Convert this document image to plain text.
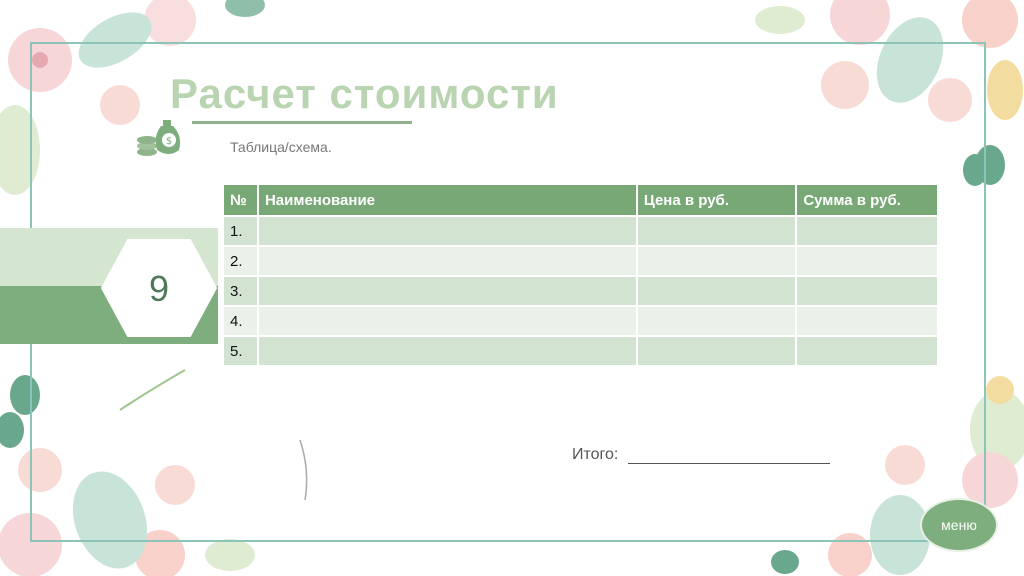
$
Расчет стоимости
Таблица/схема.
9
№	Наименование	Цена в руб.	Сумма в руб.
1.			
2.			
3.			
4.			
5.			
Итого:
меню
